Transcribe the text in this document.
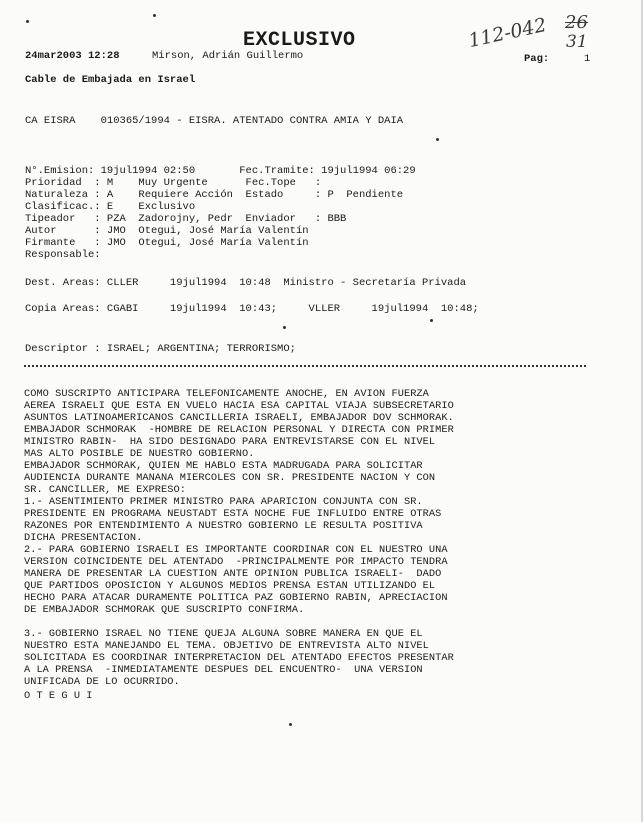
EXCLUSIVO
24mar2003 12:28	Mirson, Adrián Guillermo	Pag:	1
112-042 26
31
Cable de Embajada en Israel
CA EISRA    010365/1994 - EISRA. ATENTADO CONTRA AMIA Y DAIA
N°.Emision: 19jul1994 02:50       Fec.Tramite: 19jul1994 06:29
Prioridad  : M    Muy Urgente      Fec.Tope   :
Naturaleza : A    Requiere Acción  Estado     : P  Pendiente
Clasificac.: E    Exclusivo
Tipeador   : PZA  Zadorojny, Pedr  Enviador   : BBB
Autor      : JMO  Otegui, José María Valentín
Firmante   : JMO  Otegui, José María Valentín
Responsable:
Dest. Areas: CLLER     19jul1994  10:48  Ministro - Secretaría Privada
Copia Areas: CGABI     19jul1994  10:43;     VLLER     19jul1994  10:48;
Descriptor : ISRAEL; ARGENTINA; TERRORISMO;
COMO SUSCRIPTO ANTICIPARA TELEFONICAMENTE ANOCHE, EN AVION FUERZA
AEREA ISRAELI QUE ESTA EN VUELO HACIA ESA CAPITAL VIAJA SUBSECRETARIO
ASUNTOS LATINOAMERICANOS CANCILLERIA ISRAELI, EMBAJADOR DOV SCHMORAK.
EMBAJADOR SCHMORAK  -HOMBRE DE RELACION PERSONAL Y DIRECTA CON PRIMER
MINISTRO RABIN-  HA SIDO DESIGNADO PARA ENTREVISTARSE CON EL NIVEL
MAS ALTO POSIBLE DE NUESTRO GOBIERNO.
EMBAJADOR SCHMORAK, QUIEN ME HABLO ESTA MADRUGADA PARA SOLICITAR
AUDIENCIA DURANTE MANANA MIERCOLES CON SR. PRESIDENTE NACION Y CON
SR. CANCILLER, ME EXPRESO:
1.- ASENTIMIENTO PRIMER MINISTRO PARA APARICION CONJUNTA CON SR.
PRESIDENTE EN PROGRAMA NEUSTADT ESTA NOCHE FUE INFLUIDO ENTRE OTRAS
RAZONES POR ENTENDIMIENTO A NUESTRO GOBIERNO LE RESULTA POSITIVA
DICHA PRESENTACION.
2.- PARA GOBIERNO ISRAELI ES IMPORTANTE COORDINAR CON EL NUESTRO UNA
VERSION COINCIDENTE DEL ATENTADO  -PRINCIPALMENTE POR IMPACTO TENDRA
MANERA DE PRESENTAR LA CUESTION ANTE OPINION PUBLICA ISRAELI-  DADO
QUE PARTIDOS OPOSICION Y ALGUNOS MEDIOS PRENSA ESTAN UTILIZANDO EL
HECHO PARA ATACAR DURAMENTE POLITICA PAZ GOBIERNO RABIN, APRECIACION
DE EMBAJADOR SCHMORAK QUE SUSCRIPTO CONFIRMA.
3.- GOBIERNO ISRAEL NO TIENE QUEJA ALGUNA SOBRE MANERA EN QUE EL
NUESTRO ESTA MANEJANDO EL TEMA. OBJETIVO DE ENTREVISTA ALTO NIVEL
SOLICITADA ES COORDINAR INTERPRETACION DEL ATENTADO EFECTOS PRESENTAR
A LA PRENSA  -INMEDIATAMENTE DESPUES DEL ENCUENTRO-  UNA VERSION
UNIFICADA DE LO OCURRIDO.
O T E G U I
